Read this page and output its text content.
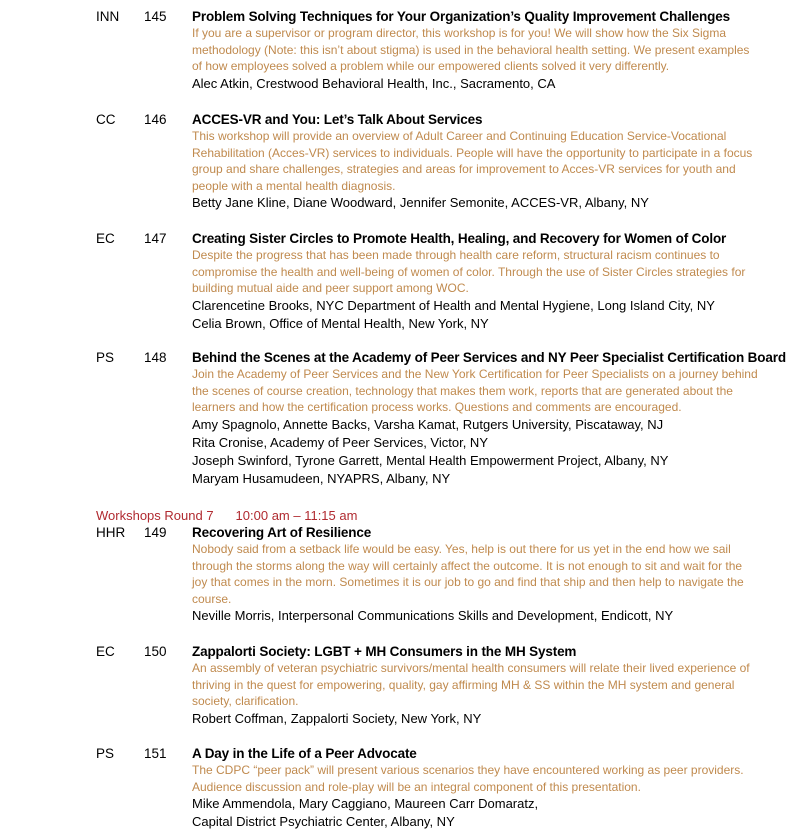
INN 145 Problem Solving Techniques for Your Organization’s Quality Improvement Challenges
If you are a supervisor or program director, this workshop is for you! We will show how the Six Sigma
methodology (Note: this isn’t about stigma) is used in the behavioral health setting. We present examples
of how employees solved a problem while our empowered clients solved it very differently.
Alec Atkin, Crestwood Behavioral Health, Inc., Sacramento, CA
CC 146 ACCES-VR and You: Let’s Talk About Services
This workshop will provide an overview of Adult Career and Continuing Education Service-Vocational
Rehabilitation (Acces-VR) services to individuals. People will have the opportunity to participate in a focus
group and share challenges, strategies and areas for improvement to Acces-VR services for youth and
people with a mental health diagnosis.
Betty Jane Kline, Diane Woodward, Jennifer Semonite, ACCES-VR, Albany, NY
EC 147 Creating Sister Circles to Promote Health, Healing, and Recovery for Women of Color
Despite the progress that has been made through health care reform, structural racism continues to
compromise the health and well-being of women of color. Through the use of Sister Circles strategies for
building mutual aide and peer support among WOC.
Clarencetine Brooks, NYC Department of Health and Mental Hygiene, Long Island City, NY
Celia Brown, Office of Mental Health, New York, NY
PS 148 Behind the Scenes at the Academy of Peer Services and NY Peer Specialist Certification Board
Join the Academy of Peer Services and the New York Certification for Peer Specialists on a journey behind
the scenes of course creation, technology that makes them work, reports that are generated about the
learners and how the certification process works. Questions and comments are encouraged.
Amy Spagnolo, Annette Backs, Varsha Kamat, Rutgers University, Piscataway, NJ
Rita Cronise, Academy of Peer Services, Victor, NY
Joseph Swinford, Tyrone Garrett, Mental Health Empowerment Project, Albany, NY
Maryam Husamudeen, NYAPRS, Albany, NY
Workshops Round 7 10:00 am – 11:15 am
HHR 149 Recovering Art of Resilience
Nobody said from a setback life would be easy. Yes, help is out there for us yet in the end how we sail
through the storms along the way will certainly affect the outcome. It is not enough to sit and wait for the
joy that comes in the morn. Sometimes it is our job to go and find that ship and then help to navigate the
course.
Neville Morris, Interpersonal Communications Skills and Development, Endicott, NY
EC 150 Zappalorti Society: LGBT + MH Consumers in the MH System
An assembly of veteran psychiatric survivors/mental health consumers will relate their lived experience of
thriving in the quest for empowering, quality, gay affirming MH & SS within the MH system and general
society, clarification.
Robert Coffman, Zappalorti Society, New York, NY
PS 151 A Day in the Life of a Peer Advocate
The CDPC “peer pack” will present various scenarios they have encountered working as peer providers.
Audience discussion and role-play will be an integral component of this presentation.
Mike Ammendola, Mary Caggiano, Maureen Carr Domaratz,
Capital District Psychiatric Center, Albany, NY
